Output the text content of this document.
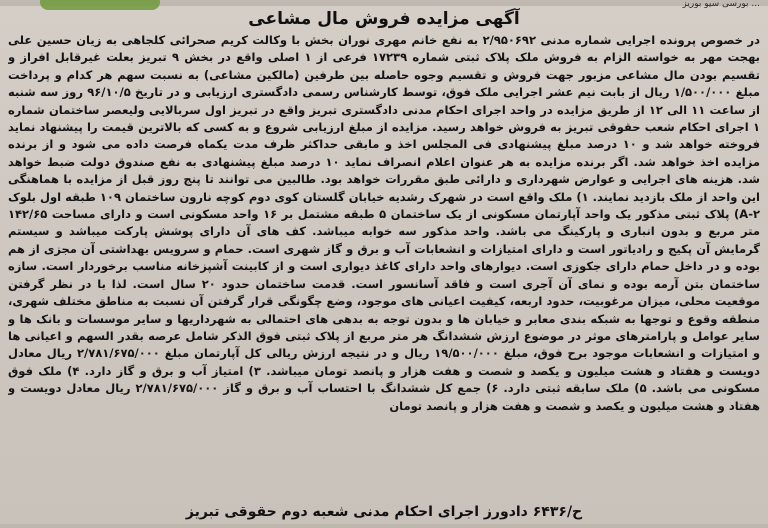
... بورسی سیو بوریز
آگهی مزایده فروش مال مشاعی
در خصوص پرونده اجرایی شماره مدنی ۲/۹۵۰۶۹۲ به نفع خانم مهری نوران بخش با وکالت کریم صحرائی کلجاهی به زیان حسین علی بهجت مهر به خواسته الزام به فروش ملک پلاک ثبتی شماره ۱۷۲۳۹ فرعی از ۱ اصلی واقع در بخش ۹ تبریز بعلت غیرقابل افراز و تقسیم بودن مال مشاعی مزبور جهت فروش و تقسیم وجوه حاصله بین طرفین (مالکین مشاعی) به نسبت سهم هر کدام و پرداخت مبلغ ۱/۵۰۰/۰۰۰ ریال از بابت نیم عشر اجرایی ملک فوق، توسط کارشناس رسمی دادگستری ارزیابی و در تاریخ ۹۶/۱۰/۵ روز سه شنبه از ساعت ۱۱ الی ۱۲ از طریق مزایده در واحد اجرای احکام مدنی دادگستری تبریز واقع در تبریز اول سربالایی ولیعصر ساختمان شماره ۱ اجرای احکام شعب حقوقی تبریز به فروش خواهد رسید. مزایده از مبلغ ارزیابی شروع و به کسی که بالاترین قیمت را پیشنهاد نماید فروخته خواهد شد و ۱۰ درصد مبلغ پیشنهادی فی المجلس اخذ و مابقی حداکثر ظرف مدت یکماه فرصت داده می شود و از برنده مزایده اخذ خواهد شد. اگر برنده مزایده به هر عنوان اعلام انصراف نماید ۱۰ درصد مبلغ پیشنهادی به نفع صندوق دولت ضبط خواهد شد. هزینه های اجرایی و عوارض شهرداری و دارائی طبق مقررات خواهد بود. طالبین می توانند تا پنج روز قبل از مزایده با هماهنگی این واحد از ملک بازدید نمایند. ۱) ملک واقع است در شهرک رشدیه خیابان گلستان کوی دوم کوچه نارون ساختمان ۱۰۹ طبقه اول بلوک A-۲) پلاک ثبتی مذکور یک واحد آپارتمان مسکونی از یک ساختمان ۵ طبقه مشتمل بر ۱۶ واحد مسکونی است و دارای مساحت ۱۴۲/۶۵ متر مربع و بدون انباری و پارکینگ می باشد. واحد مذکور سه خوابه میباشد. کف های آن دارای پوشش پارکت میباشد و سیستم گرمایش آن پکیج و رادیاتور است و دارای امتیازات و انشعابات آب و برق و گاز شهری است. حمام و سرویس بهداشتی آن مجزی از هم بوده و در داخل حمام دارای جکوزی است. دیوارهای واحد دارای کاغذ دیواری است و از کابینت آشپزخانه مناسب برخوردار است. سازه ساختمان بتن آرمه بوده و نمای آن آجری است و فاقد آسانسور است. قدمت ساختمان حدود ۲۰ سال است. لذا با در نظر گرفتن موقعیت محلی، میزان مرغوبیت، حدود اربعه، کیفیت اعیانی های موجود، وضع چگونگی قرار گرفتن آن نسبت به مناطق مختلف شهری، منطقه وقوع و توجها به شبکه بندی معابر و خیابان ها و بدون توجه به بدهی های احتمالی به شهرداریها و سایر موسسات و بانک ها و سایر عوامل و پارامترهای موثر در موضوع ارزش ششدانگ هر متر مربع از پلاک ثبتی فوق الذکر شامل عرصه بقدر السهم و اعیانی ها و امتیازات و انشعابات موجود برح فوق، مبلغ ۱۹/۵۰۰/۰۰۰ ریال و در نتیجه ارزش ریالی کل آپارتمان مبلغ ۲/۷۸۱/۶۷۵/۰۰۰ ریال معادل دویست و هفتاد و هشت میلیون و یکصد و شصت و هفت هزار و پانصد تومان میباشد. ۳) امتیاز آب و برق و گاز دارد. ۴) ملک فوق مسکونی می باشد. ۵) ملک سابقه ثبتی دارد. ۶) جمع کل ششدانگ با احتساب آب و برق و گاز ۲/۷۸۱/۶۷۵/۰۰۰ ریال معادل دویست و هفتاد و هشت میلیون و یکصد و شصت و هفت هزار و پانصد تومان
ح/۶۴۳۶ دادورز اجرای احکام مدنی شعبه دوم حقوقی تبریز
